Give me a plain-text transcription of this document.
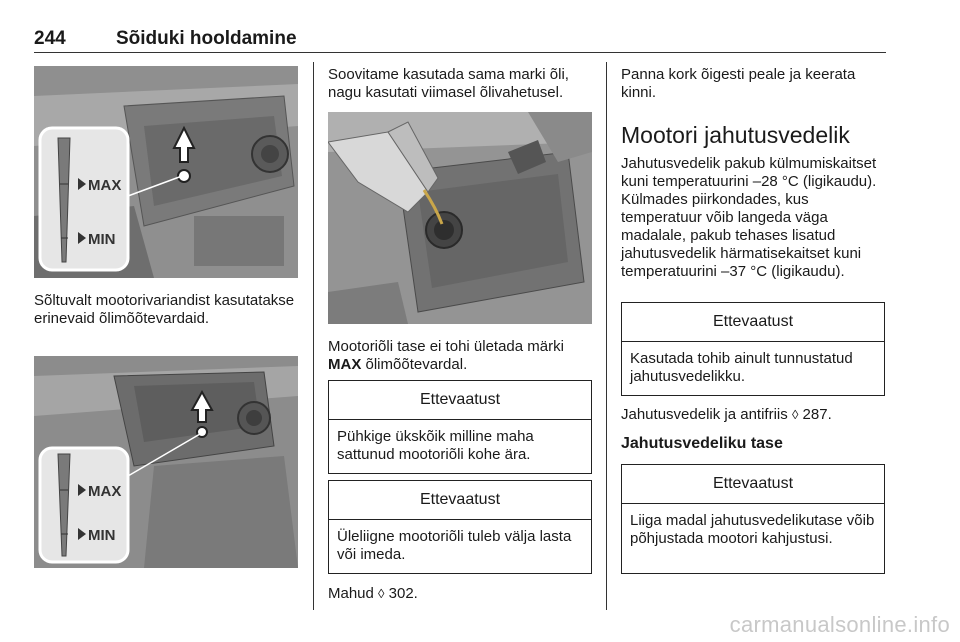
244	Sõiduki hooldamine
MAX
MIN

Sõltuvalt mootorivariandist kasutatakse erinevaid õlimõõtevardaid.

MAX
MIN

Soovitame kasutada sama marki õli, nagu kasutati viimasel õlivahetusel.

Mootoriõli tase ei tohi ületada märki MAX õlimõõtevardal.

Ettevaatust
Pühkige ükskõik milline maha sattunud mootoriõli kohe ära.
Ettevaatust
Üleliigne mootoriõli tuleb välja lasta või imeda.

Mahud ◊ 302.

Panna kork õigesti peale ja keerata kinni.

Mootori jahutusvedelik

Jahutusvedelik pakub külmumiskaitset kuni temperatuurini –28 °C (ligikaudu). Külmades piirkondades, kus temperatuur võib langeda väga madalale, pakub tehases lisatud jahutusvedelik härmatisekaitset kuni temperatuurini –37 °C (ligikaudu).

Ettevaatust
Kasutada tohib ainult tunnustatud jahutusvedelikku.

Jahutusvedelik ja antifriis ◊ 287.

Jahutusvedeliku tase
Ettevaatust
Liiga madal jahutusvedelikutase võib põhjustada mootori kahjustusi.
carmanualsonline.info
